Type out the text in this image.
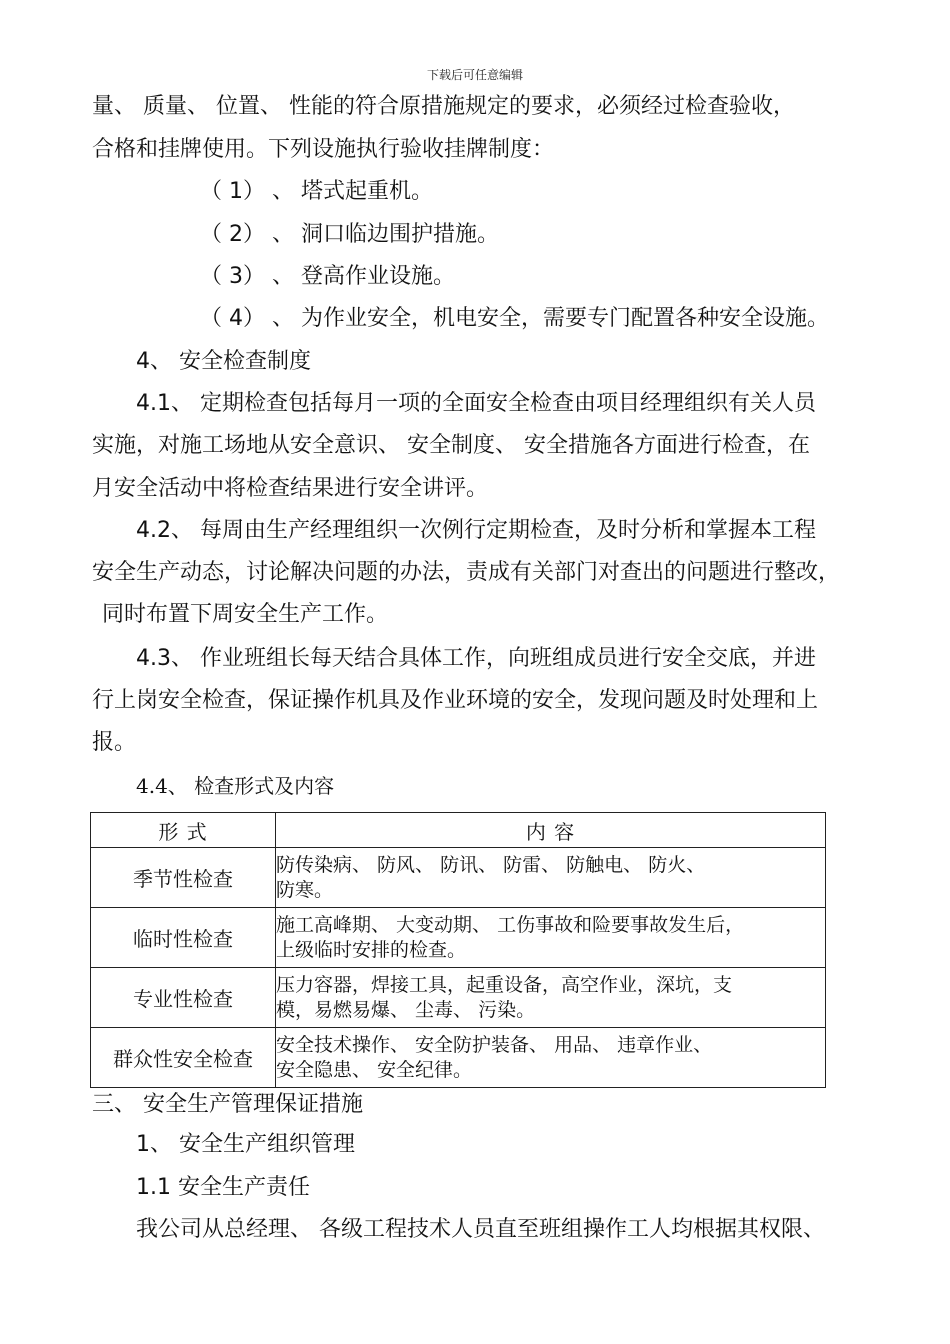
下载后可任意编辑
量、 质量、 位置、 性能的符合原措施规定的要求，必须经过检查验收，
合格和挂牌使用。下列设施执行验收挂牌制度：
（ 1） 、 塔式起重机。
（ 2） 、 洞口临边围护措施。
（ 3） 、 登高作业设施。
（ 4） 、 为作业安全，机电安全，需要专门配置各种安全设施。
4、 安全检查制度
4.1、 定期检查包括每月一项的全面安全检查由项目经理组织有关人员
实施，对施工场地从安全意识、 安全制度、 安全措施各方面进行检查，在
月安全活动中将检查结果进行安全讲评。
4.2、 每周由生产经理组织一次例行定期检查，及时分析和掌握本工程
安全生产动态，讨论解决问题的办法，责成有关部门对查出的问题进行整改，
同时布置下周安全生产工作。
4.3、 作业班组长每天结合具体工作，向班组成员进行安全交底，并进
行上岗安全检查，保证操作机具及作业环境的安全，发现问题及时处理和上
报。
4.4、 检查形式及内容
形 式	内 容
季节性检查	防传染病、 防风、 防讯、 防雷、 防触电、 防火、
防寒。

临时性检查	施工高峰期、 大变动期、 工伤事故和险要事故发生后，
上级临时安排的检查。

专业性检查	压力容器，焊接工具，起重设备，高空作业，深坑，支
模，易燃易爆、 尘毒、 污染。

群众性安全检查	安全技术操作、 安全防护装备、 用品、 违章作业、
安全隐患、 安全纪律。
三、 安全生产管理保证措施
1、 安全生产组织管理
1.1 安全生产责任
我公司从总经理、 各级工程技术人员直至班组操作工人均根据其权限、
